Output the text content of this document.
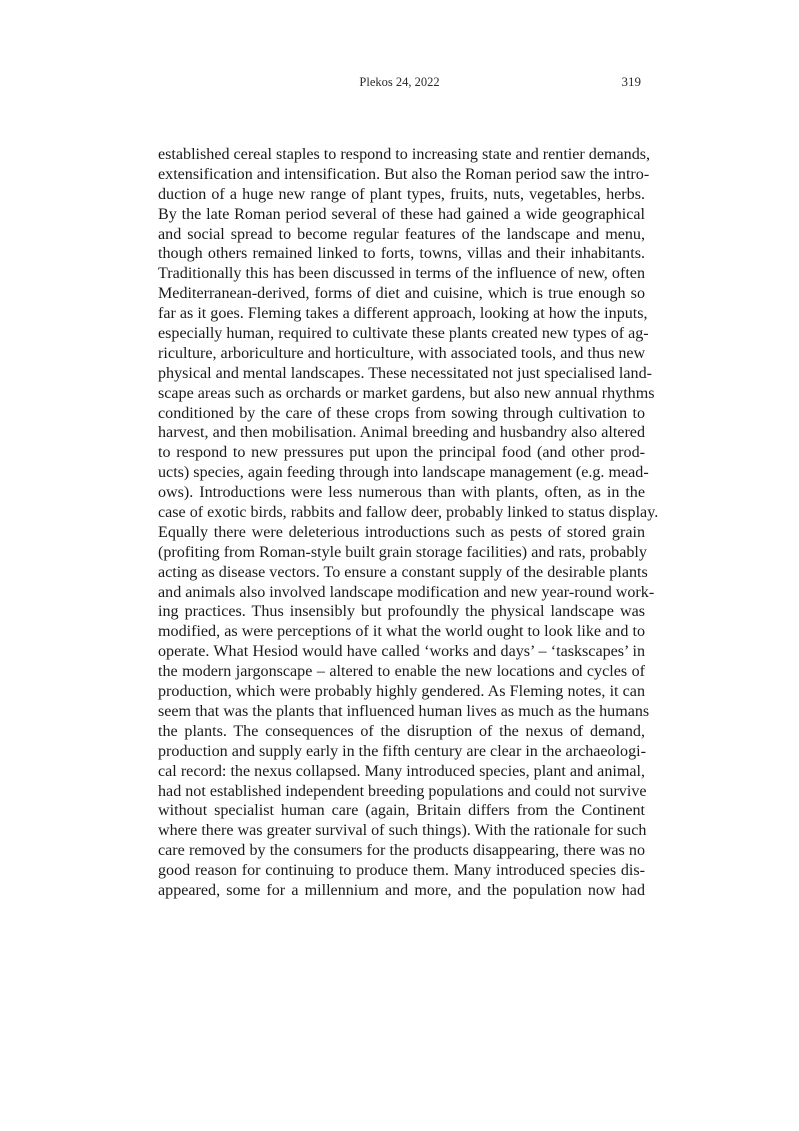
Plekos 24, 2022	319
established cereal staples to respond to increasing state and rentier demands,
extensification and intensification. But also the Roman period saw the intro-
duction of a huge new range of plant types, fruits, nuts, vegetables, herbs.
By the late Roman period several of these had gained a wide geographical
and social spread to become regular features of the landscape and menu,
though others remained linked to forts, towns, villas and their inhabitants.
Traditionally this has been discussed in terms of the influence of new, often
Mediterranean-derived, forms of diet and cuisine, which is true enough so
far as it goes. Fleming takes a different approach, looking at how the inputs,
especially human, required to cultivate these plants created new types of ag-
riculture, arboriculture and horticulture, with associated tools, and thus new
physical and mental landscapes. These necessitated not just specialised land-
scape areas such as orchards or market gardens, but also new annual rhythms
conditioned by the care of these crops from sowing through cultivation to
harvest, and then mobilisation. Animal breeding and husbandry also altered
to respond to new pressures put upon the principal food (and other prod-
ucts) species, again feeding through into landscape management (e.g. mead-
ows). Introductions were less numerous than with plants, often, as in the
case of exotic birds, rabbits and fallow deer, probably linked to status display.
Equally there were deleterious introductions such as pests of stored grain
(profiting from Roman-style built grain storage facilities) and rats, probably
acting as disease vectors. To ensure a constant supply of the desirable plants
and animals also involved landscape modification and new year-round work-
ing practices. Thus insensibly but profoundly the physical landscape was
modified, as were perceptions of it what the world ought to look like and to
operate. What Hesiod would have called ‘works and days’ – ‘taskscapes’ in
the modern jargonscape – altered to enable the new locations and cycles of
production, which were probably highly gendered. As Fleming notes, it can
seem that was the plants that influenced human lives as much as the humans
the plants. The consequences of the disruption of the nexus of demand,
production and supply early in the fifth century are clear in the archaeologi-
cal record: the nexus collapsed. Many introduced species, plant and animal,
had not established independent breeding populations and could not survive
without specialist human care (again, Britain differs from the Continent
where there was greater survival of such things). With the rationale for such
care removed by the consumers for the products disappearing, there was no
good reason for continuing to produce them. Many introduced species dis-
appeared, some for a millennium and more, and the population now had
